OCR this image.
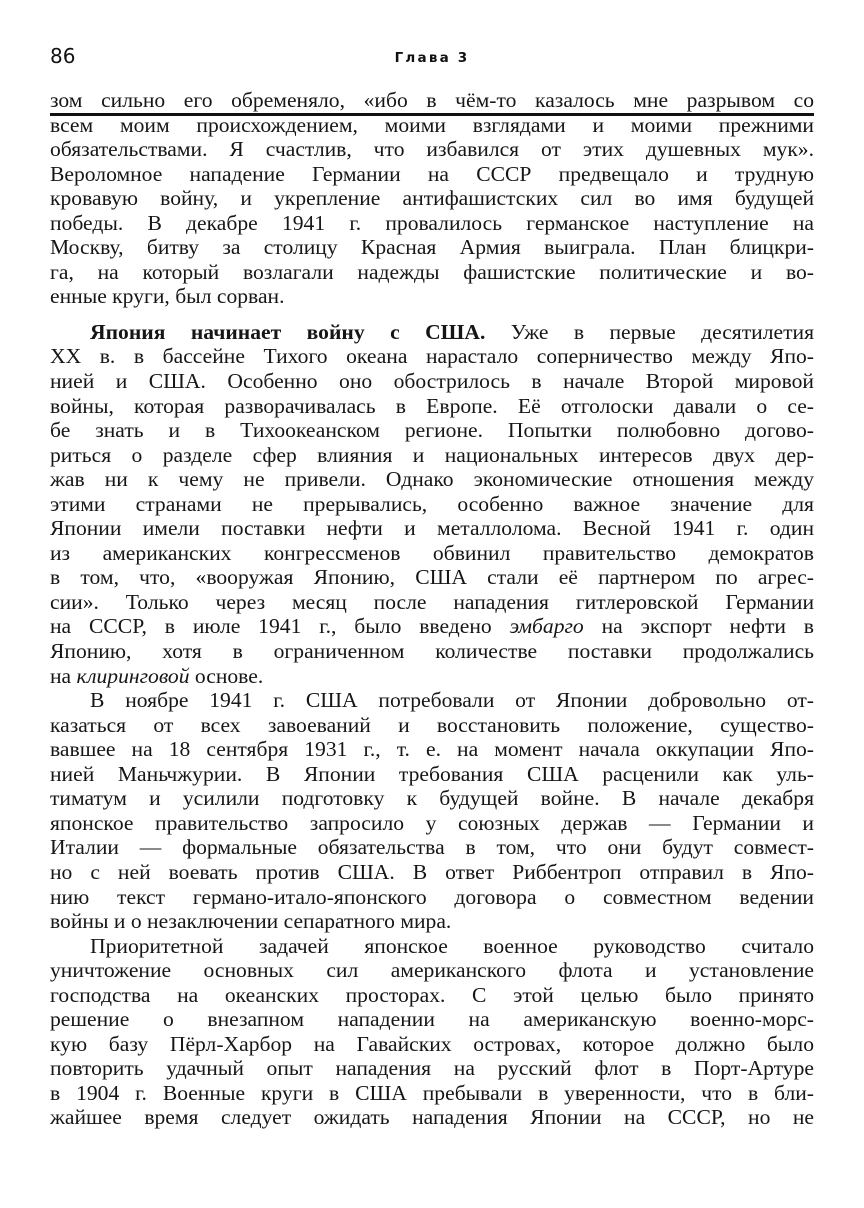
86	Глава 3

зом сильно его обременяло, «ибо в чём-то казалось мне разрывом со
всем моим происхождением, моими взглядами и моими прежними
обязательствами. Я счастлив, что избавился от этих душевных мук».
Вероломное нападение Германии на СССР предвещало и трудную
кровавую войну, и укрепление антифашистских сил во имя будущей
победы. В декабре 1941 г. провалилось германское наступление на
Москву, битву за столицу Красная Армия выиграла. План блицкри-
га, на который возлагали надежды фашистские политические и во-
енные круги, был сорван.

Япония начинает войну с США. Уже в первые десятилетия
XX в. в бассейне Тихого океана нарастало соперничество между Япо-
нией и США. Особенно оно обострилось в начале Второй мировой
войны, которая разворачивалась в Европе. Её отголоски давали о се-
бе знать и в Тихоокеанском регионе. Попытки полюбовно догово-
риться о разделе сфер влияния и национальных интересов двух дер-
жав ни к чему не привели. Однако экономические отношения между
этими странами не прерывались, особенно важное значение для
Японии имели поставки нефти и металлолома. Весной 1941 г. один
из американских конгрессменов обвинил правительство демократов
в том, что, «вооружая Японию, США стали её партнером по агрес-
сии». Только через месяц после нападения гитлеровской Германии
на СССР, в июле 1941 г., было введено эмбарго на экспорт нефти в
Японию, хотя в ограниченном количестве поставки продолжались
на клиринговой основе.

В ноябре 1941 г. США потребовали от Японии добровольно от-
казаться от всех завоеваний и восстановить положение, существо-
вавшее на 18 сентября 1931 г., т. е. на момент начала оккупации Япо-
нией Маньчжурии. В Японии требования США расценили как уль-
тиматум и усилили подготовку к будущей войне. В начале декабря
японское правительство запросило у союзных держав — Германии и
Италии — формальные обязательства в том, что они будут совмест-
но с ней воевать против США. В ответ Риббентроп отправил в Япо-
нию текст германо-итало-японского договора о совместном ведении
войны и о незаключении сепаратного мира.

Приоритетной задачей японское военное руководство считало
уничтожение основных сил американского флота и установление
господства на океанских просторах. С этой целью было принято
решение о внезапном нападении на американскую военно-морс-
кую базу Пёрл-Харбор на Гавайских островах, которое должно было
повторить удачный опыт нападения на русский флот в Порт-Артуре
в 1904 г. Военные круги в США пребывали в уверенности, что в бли-
жайшее время следует ожидать нападения Японии на СССР, но не
